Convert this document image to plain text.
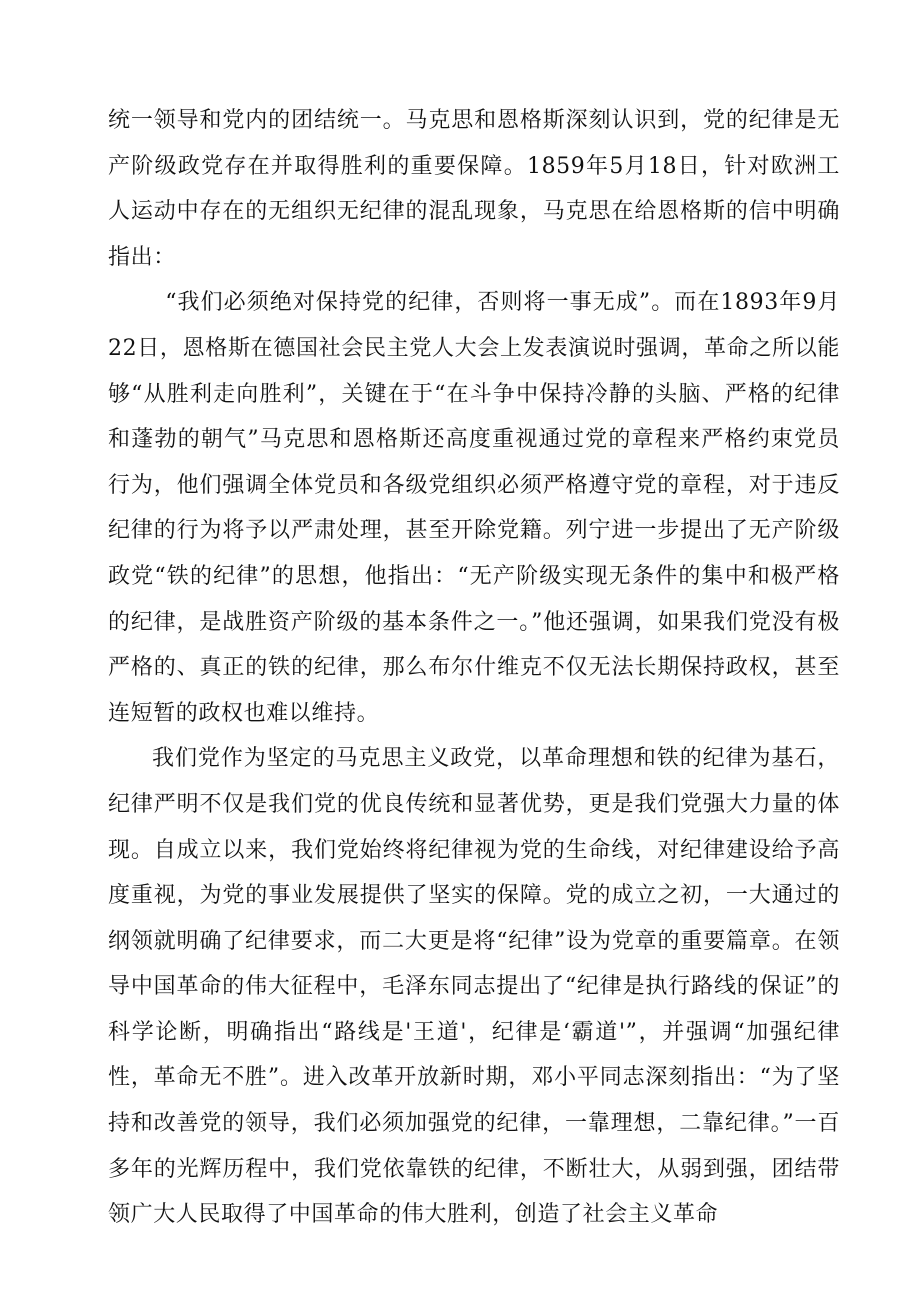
统一领导和党内的团结统一。马克思和恩格斯深刻认识到，党的纪律是无产阶级政党存在并取得胜利的重要保障。1859年5月18日，针对欧洲工人运动中存在的无组织无纪律的混乱现象，马克思在给恩格斯的信中明确指出：

“我们必须绝对保持党的纪律，否则将一事无成”。而在1893年9月22日，恩格斯在德国社会民主党人大会上发表演说时强调，革命之所以能够“从胜利走向胜利”，关键在于“在斗争中保持冷静的头脑、严格的纪律和蓬勃的朝气”马克思和恩格斯还高度重视通过党的章程来严格约束党员行为，他们强调全体党员和各级党组织必须严格遵守党的章程，对于违反纪律的行为将予以严肃处理，甚至开除党籍。列宁进一步提出了无产阶级政党“铁的纪律”的思想，他指出：“无产阶级实现无条件的集中和极严格的纪律，是战胜资产阶级的基本条件之一。”他还强调，如果我们党没有极严格的、真正的铁的纪律，那么布尔什维克不仅无法长期保持政权，甚至连短暂的政权也难以维持。

我们党作为坚定的马克思主义政党，以革命理想和铁的纪律为基石，纪律严明不仅是我们党的优良传统和显著优势，更是我们党强大力量的体现。自成立以来，我们党始终将纪律视为党的生命线，对纪律建设给予高度重视，为党的事业发展提供了坚实的保障。党的成立之初，一大通过的纲领就明确了纪律要求，而二大更是将“纪律”设为党章的重要篇章。在领导中国革命的伟大征程中，毛泽东同志提出了“纪律是执行路线的保证”的科学论断，明确指出“路线是'王道'，纪律是‘霸道'”，并强调“加强纪律性，革命无不胜”。进入改革开放新时期，邓小平同志深刻指出：“为了坚持和改善党的领导，我们必须加强党的纪律，一靠理想，二靠纪律。”一百多年的光辉历程中，我们党依靠铁的纪律，不断壮大，从弱到强，团结带领广大人民取得了中国革命的伟大胜利，创造了社会主义革命
